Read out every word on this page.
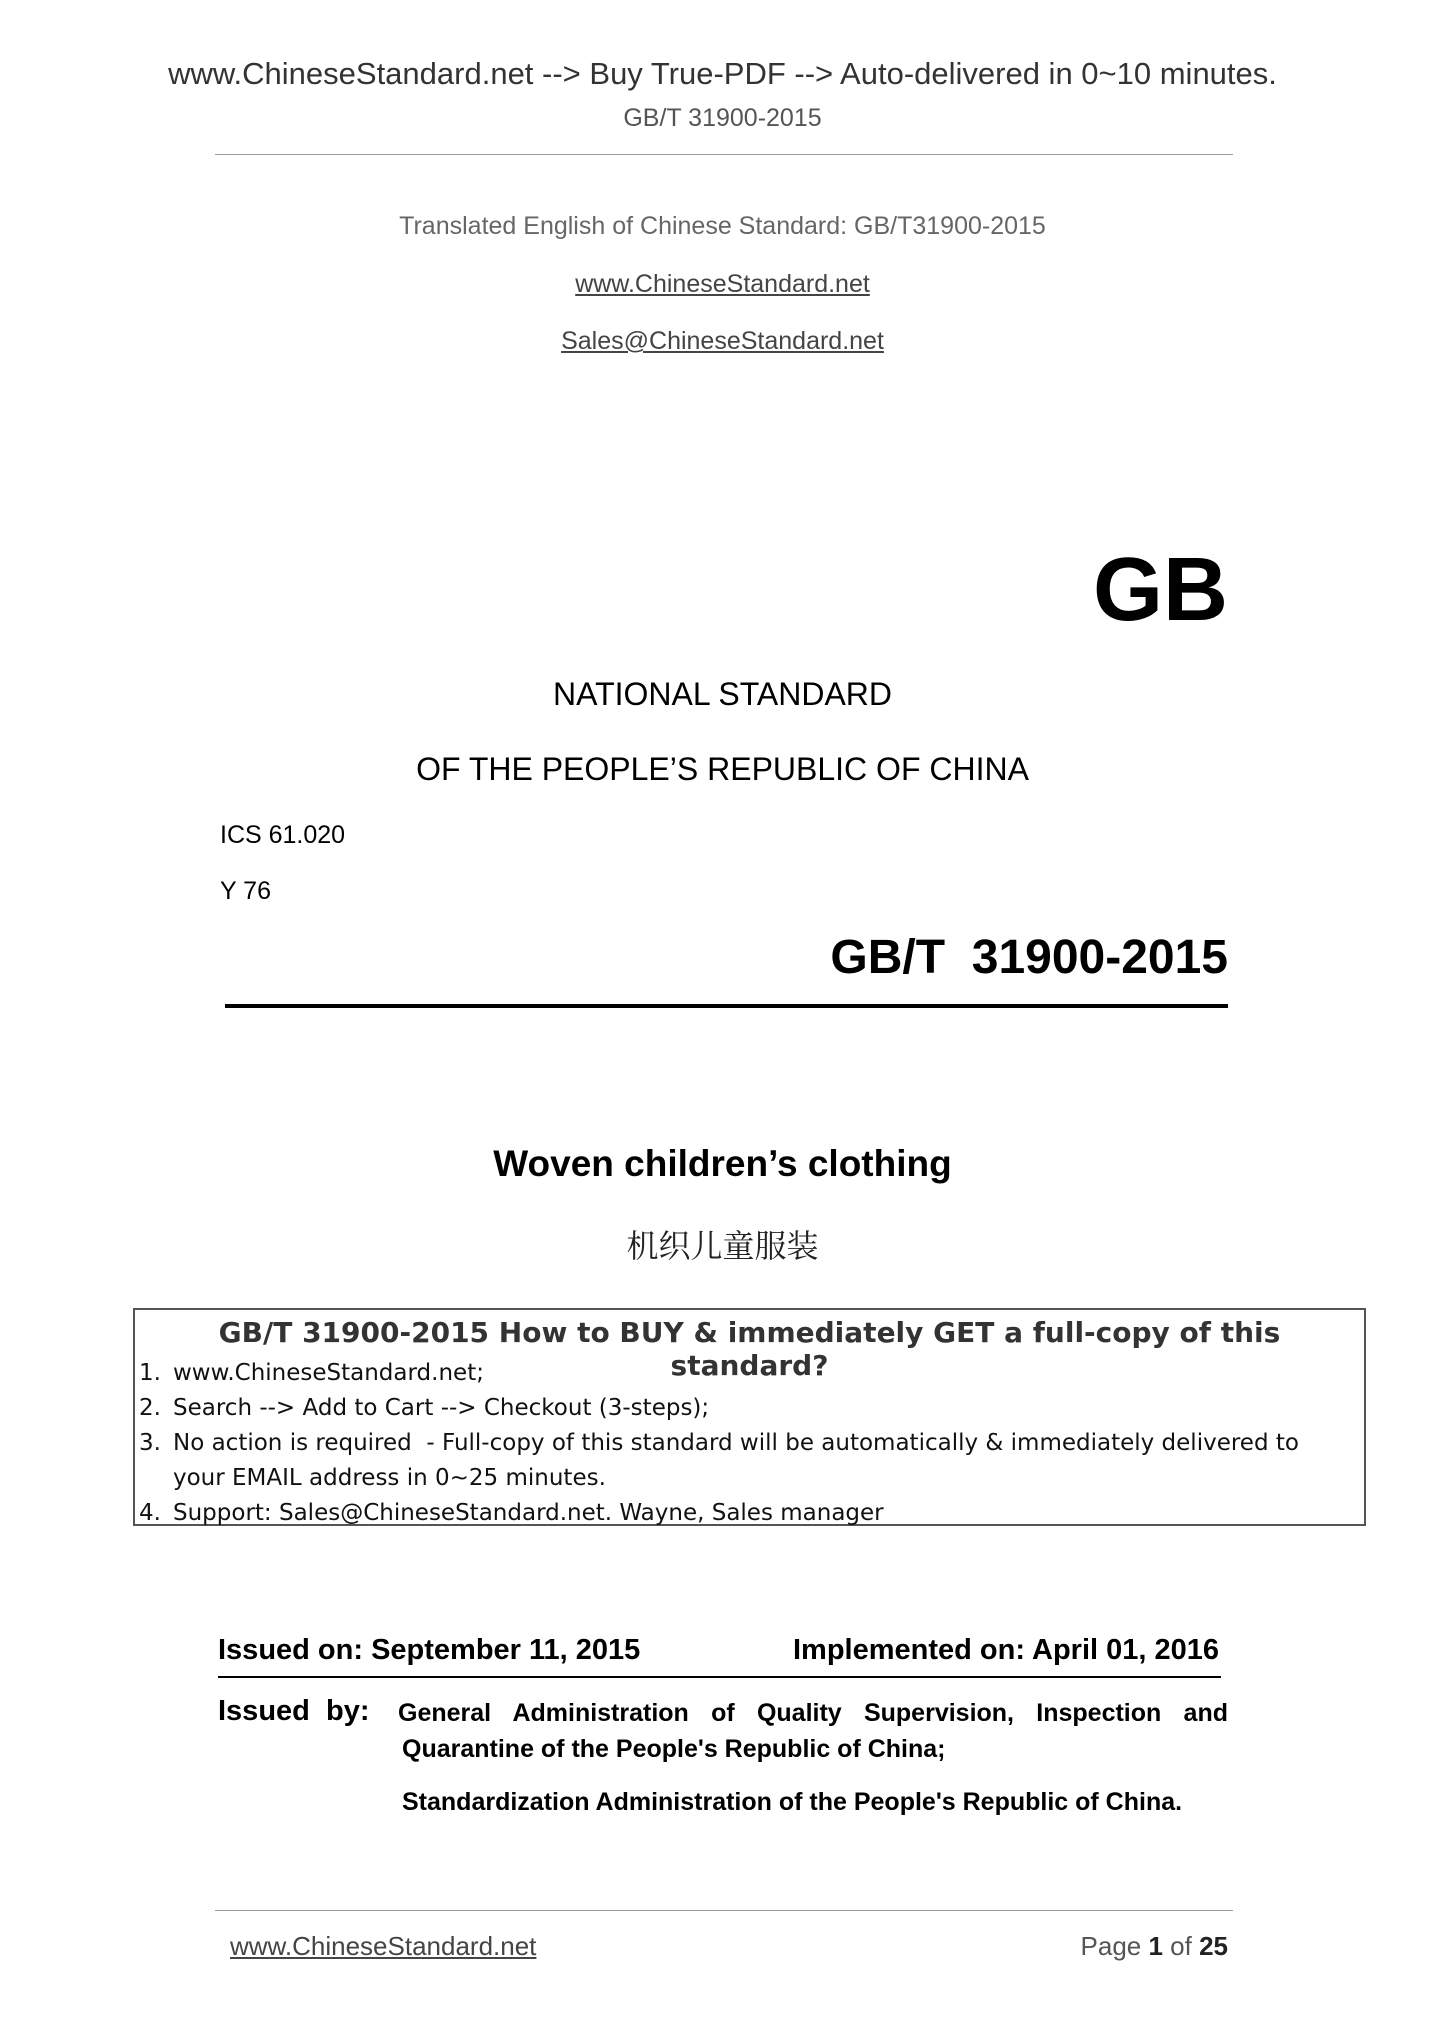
www.ChineseStandard.net --> Buy True-PDF --> Auto-delivered in 0~10 minutes.
GB/T 31900-2015
Translated English of Chinese Standard: GB/T31900-2015
www.ChineseStandard.net
Sales@ChineseStandard.net
GB
NATIONAL STANDARD
OF THE PEOPLE’S REPUBLIC OF CHINA
ICS 61.020
Y 76
GB/T  31900-2015
Woven children’s clothing
机织儿童服装
GB/T 31900-2015 How to BUY & immediately GET a full-copy of this standard?
1. www.ChineseStandard.net;
2. Search --> Add to Cart --> Checkout (3-steps);
3. No action is required  - Full-copy of this standard will be automatically & immediately delivered to
your EMAIL address in 0~25 minutes.
4. Support: Sales@ChineseStandard.net. Wayne, Sales manager
Issued on: September 11, 2015	Implemented on: April 01, 2016
Issued  by: General Administration of Quality Supervision, Inspection and
Quarantine of the People's Republic of China;
Standardization Administration of the People's Republic of China.
www.ChineseStandard.net	Page 1 of 25
